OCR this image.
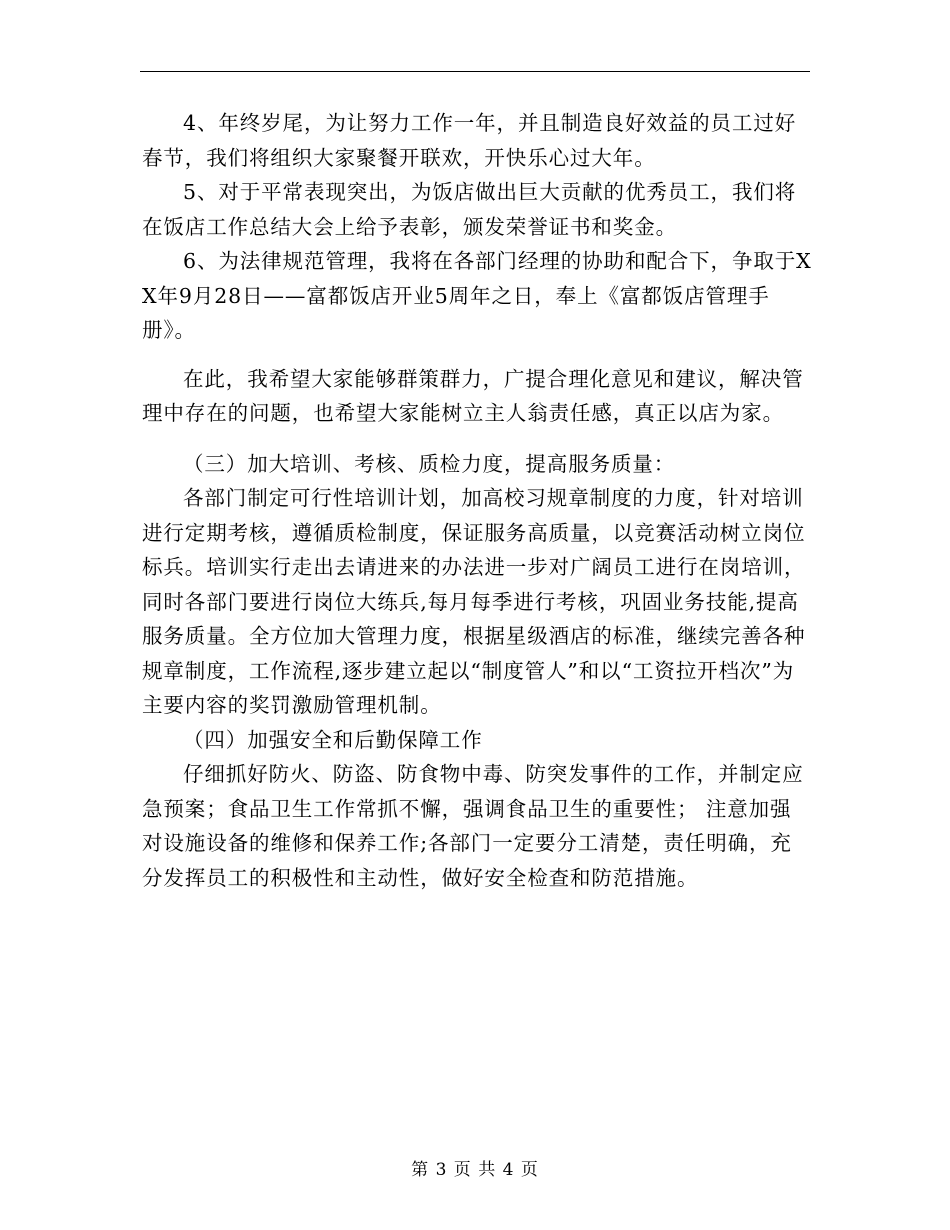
4、年终岁尾，为让努力工作一年，并且制造良好效益的员工过好春节，我们将组织大家聚餐开联欢，开快乐心过大年。

5、对于平常表现突出，为饭店做出巨大贡献的优秀员工，我们将在饭店工作总结大会上给予表彰，颁发荣誉证书和奖金。

6、为法律规范管理，我将在各部门经理的协助和配合下，争取于XX年9月28日——富都饭店开业5周年之日，奉上《富都饭店管理手册》。

在此，我希望大家能够群策群力，广提合理化意见和建议，解决管理中存在的问题，也希望大家能树立主人翁责任感，真正以店为家。

（三）加大培训、考核、质检力度，提高服务质量：

各部门制定可行性培训计划，加高校习规章制度的力度，针对培训进行定期考核，遵循质检制度，保证服务高质量，以竞赛活动树立岗位标兵。培训实行走出去请进来的办法进一步对广阔员工进行在岗培训，同时各部门要进行岗位大练兵,每月每季进行考核，巩固业务技能,提高服务质量。全方位加大管理力度，根据星级酒店的标准，继续完善各种规章制度，工作流程,逐步建立起以“制度管人”和以“工资拉开档次”为主要内容的奖罚激励管理机制。

（四）加强安全和后勤保障工作

仔细抓好防火、防盗、防食物中毒、防突发事件的工作，并制定应急预案；食品卫生工作常抓不懈，强调食品卫生的重要性； 注意加强对设施设备的维修和保养工作;各部门一定要分工清楚，责任明确，充分发挥员工的积极性和主动性，做好安全检查和防范措施。

第 3 页 共 4 页
